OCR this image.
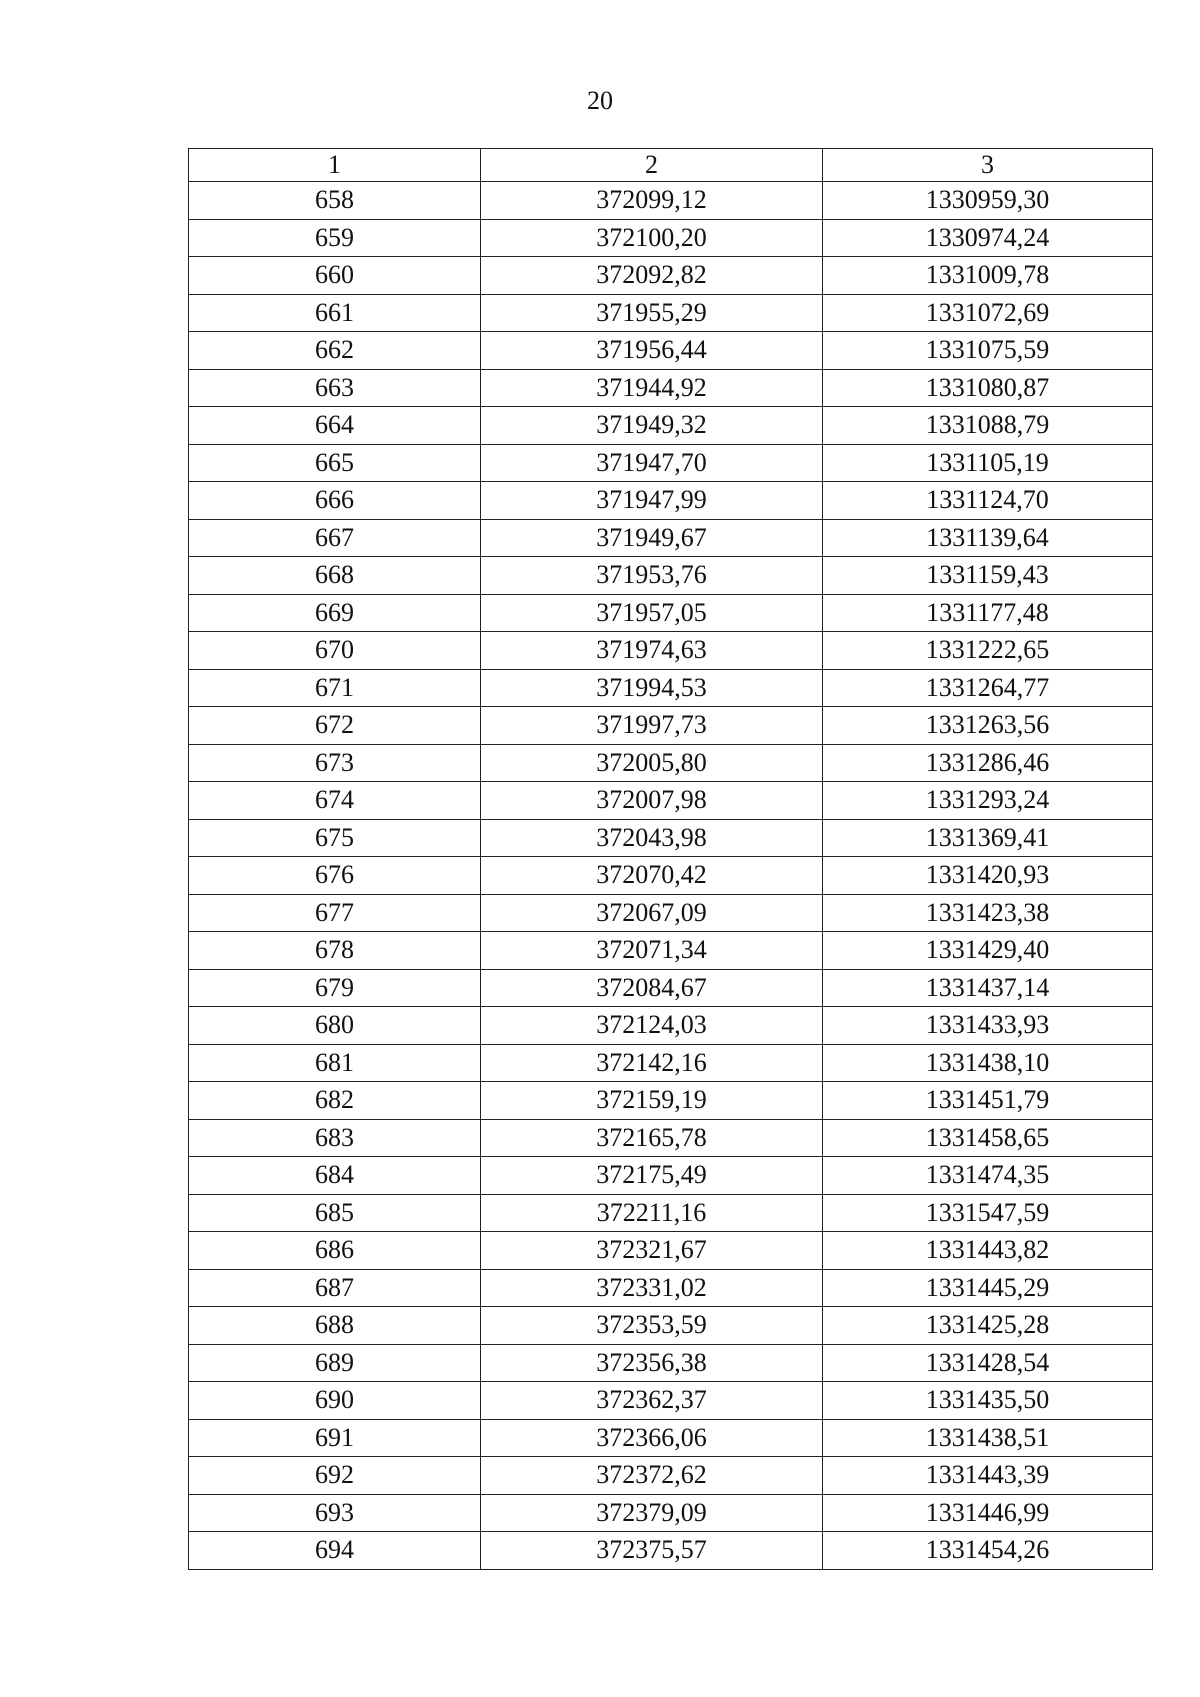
20
1	2	3
658	372099,12	1330959,30
659	372100,20	1330974,24
660	372092,82	1331009,78
661	371955,29	1331072,69
662	371956,44	1331075,59
663	371944,92	1331080,87
664	371949,32	1331088,79
665	371947,70	1331105,19
666	371947,99	1331124,70
667	371949,67	1331139,64
668	371953,76	1331159,43
669	371957,05	1331177,48
670	371974,63	1331222,65
671	371994,53	1331264,77
672	371997,73	1331263,56
673	372005,80	1331286,46
674	372007,98	1331293,24
675	372043,98	1331369,41
676	372070,42	1331420,93
677	372067,09	1331423,38
678	372071,34	1331429,40
679	372084,67	1331437,14
680	372124,03	1331433,93
681	372142,16	1331438,10
682	372159,19	1331451,79
683	372165,78	1331458,65
684	372175,49	1331474,35
685	372211,16	1331547,59
686	372321,67	1331443,82
687	372331,02	1331445,29
688	372353,59	1331425,28
689	372356,38	1331428,54
690	372362,37	1331435,50
691	372366,06	1331438,51
692	372372,62	1331443,39
693	372379,09	1331446,99
694	372375,57	1331454,26
